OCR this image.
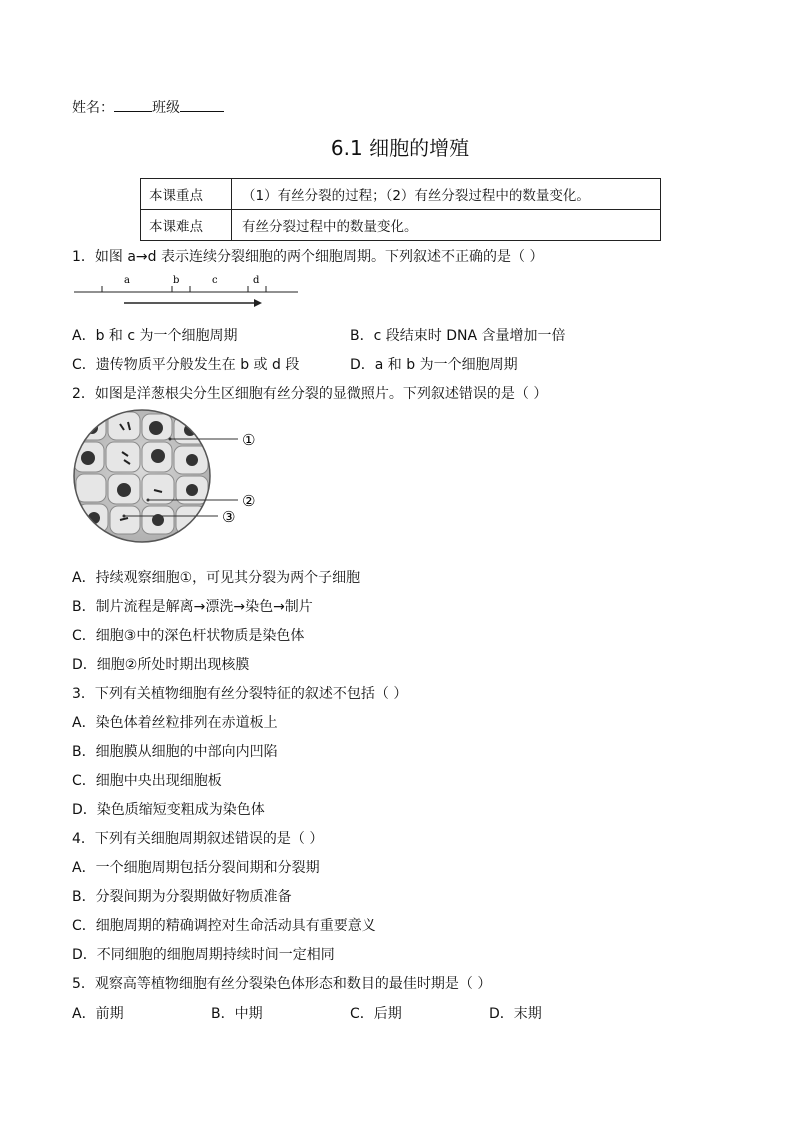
姓名：	班级
6.1 细胞的增殖
本课重点	（1）有丝分裂的过程；（2）有丝分裂过程中的数量变化。
本课难点	有丝分裂过程中的数量变化。
1．如图 a→d 表示连续分裂细胞的两个细胞周期。下列叙述不正确的是（ ）
a	b	c	d
A．b 和 c 为一个细胞周期	B．c 段结束时 DNA 含量增加一倍
C．遗传物质平分般发生在 b 或 d 段	D．a 和 b 为一个细胞周期
2．如图是洋葱根尖分生区细胞有丝分裂的显微照片。下列叙述错误的是（ ）
①
②
③
A．持续观察细胞①，可见其分裂为两个子细胞
B．制片流程是解离→漂洗→染色→制片
C．细胞③中的深色杆状物质是染色体
D．细胞②所处时期出现核膜
3．下列有关植物细胞有丝分裂特征的叙述不包括（ ）
A．染色体着丝粒排列在赤道板上
B．细胞膜从细胞的中部向内凹陷
C．细胞中央出现细胞板
D．染色质缩短变粗成为染色体
4．下列有关细胞周期叙述错误的是（ ）
A．一个细胞周期包括分裂间期和分裂期
B．分裂间期为分裂期做好物质准备
C．细胞周期的精确调控对生命活动具有重要意义
D．不同细胞的细胞周期持续时间一定相同
5．观察高等植物细胞有丝分裂染色体形态和数目的最佳时期是（ ）
A．前期	B．中期	C．后期	D．末期
